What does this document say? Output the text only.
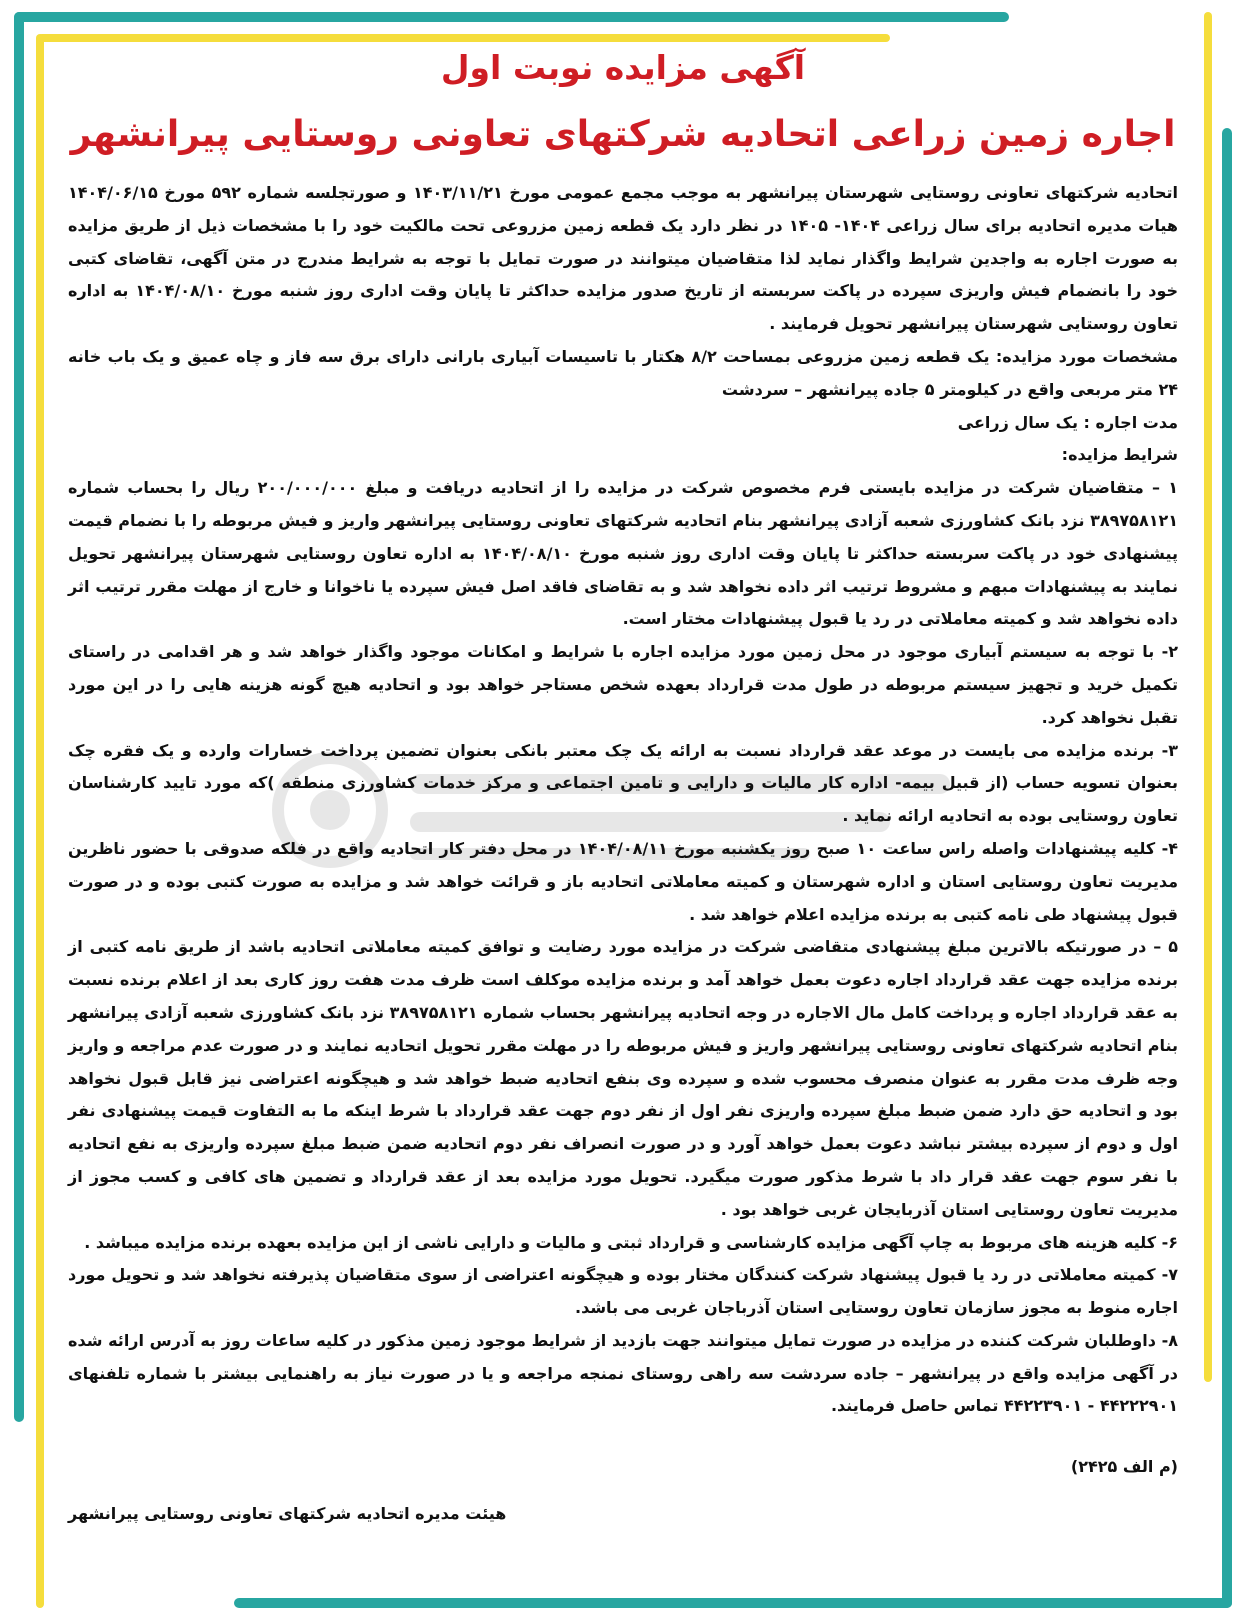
آگهی مزایده نوبت اول
اجاره زمین زراعی اتحادیه شرکتهای تعاونی روستایی پیرانشهر

اتحادیه شرکتهای تعاونی روستایی شهرستان پیرانشهر به موجب مجمع عمومی مورخ ۱۴۰۳/۱۱/۲۱ و صورتجلسه شماره ۵۹۲ مورخ ۱۴۰۴/۰۶/۱۵ هیات مدیره اتحادیه برای سال زراعی ۱۴۰۴- ۱۴۰۵ در نظر دارد یک قطعه زمین مزروعی تحت مالکیت خود را با مشخصات ذیل از طریق مزایده به صورت اجاره به واجدین شرایط واگذار نماید لذا متقاضیان میتوانند در صورت تمایل با توجه به شرایط مندرج در متن آگهی، تقاضای کتبی خود را بانضمام فیش واریزی سپرده در پاکت سربسته از تاریخ صدور مزایده حداکثر تا پایان وقت اداری روز شنبه مورخ ۱۴۰۴/۰۸/۱۰ به اداره تعاون روستایی شهرستان پیرانشهر تحویل فرمایند .

مشخصات مورد مزایده: یک قطعه زمین مزروعی بمساحت ۸/۲ هکتار با تاسیسات آبیاری بارانی دارای برق سه فاز و چاه عمیق و یک باب خانه ۲۴ متر مربعی واقع در کیلومتر ۵ جاده پیرانشهر – سردشت

مدت اجاره : یک سال زراعی

شرایط مزایده:

۱ – متقاضیان شرکت در مزایده بایستی فرم مخصوص شرکت در مزایده را از اتحادیه دریافت و مبلغ ۲۰۰/۰۰۰/۰۰۰ ریال را بحساب شماره ۳۸۹۷۵۸۱۲۱ نزد بانک کشاورزی شعبه آزادی پیرانشهر بنام اتحادیه شرکتهای تعاونی روستایی پیرانشهر واریز و فیش مربوطه را با نضمام قیمت پیشنهادی خود در پاکت سربسته حداکثر تا پایان وقت اداری روز شنبه مورخ ۱۴۰۴/۰۸/۱۰ به اداره تعاون روستایی شهرستان پیرانشهر تحویل نمایند به پیشنهادات مبهم و مشروط ترتیب اثر داده نخواهد شد و به تقاضای فاقد اصل فیش سپرده یا ناخوانا و خارج از مهلت مقرر ترتیب اثر داده نخواهد شد و کمیته معاملاتی در رد یا قبول پیشنهادات مختار است.

۲- با توجه به سیستم آبیاری موجود در محل زمین مورد مزایده اجاره با شرایط و امکانات موجود واگذار خواهد شد و هر اقدامی در راستای تکمیل خرید و تجهیز سیستم مربوطه در طول مدت قرارداد بعهده شخص مستاجر خواهد بود و اتحادیه هیچ گونه هزینه هایی را در این مورد تقبل نخواهد کرد.

۳- برنده مزایده می بایست در موعد عقد قرارداد نسبت به ارائه یک چک معتبر بانکی بعنوان تضمین پرداخت خسارات وارده و یک فقره چک بعنوان تسویه حساب (از قبیل بیمه- اداره کار مالیات و دارایی و تامین اجتماعی و مرکز خدمات کشاورزی منطقه )که مورد تایید کارشناسان تعاون روستایی بوده به اتحادیه ارائه نماید .

۴- کلیه پیشنهادات واصله راس ساعت ۱۰ صبح روز یکشنبه مورخ ۱۴۰۴/۰۸/۱۱ در محل دفتر کار اتحادیه واقع در فلکه صدوقی با حضور ناظرین مدیریت تعاون روستایی استان و اداره شهرستان و کمیته معاملاتی اتحادیه باز و قرائت خواهد شد و مزایده به صورت کتبی بوده و در صورت قبول پیشنهاد طی نامه کتبی به برنده مزایده اعلام خواهد شد .

۵ – در صورتیکه بالاترین مبلغ پیشنهادی متقاضی شرکت در مزایده مورد رضایت و توافق کمیته معاملاتی اتحادیه باشد از طریق نامه کتبی از برنده مزایده جهت عقد قرارداد اجاره دعوت بعمل خواهد آمد و برنده مزایده موکلف است ظرف مدت هفت روز کاری بعد از اعلام برنده نسبت به عقد قرارداد اجاره و پرداخت کامل مال الاجاره در وجه اتحادیه پیرانشهر بحساب شماره ۳۸۹۷۵۸۱۲۱ نزد بانک کشاورزی شعبه آزادی پیرانشهر بنام اتحادیه شرکتهای تعاونی روستایی پیرانشهر واریز و فیش مربوطه را در مهلت مقرر تحویل اتحادیه نمایند و در صورت عدم مراجعه و واریز وجه ظرف مدت مقرر به عنوان منصرف محسوب شده و سپرده وی بنفع اتحادیه ضبط خواهد شد و هیچگونه اعتراضی نیز قابل قبول نخواهد بود و اتحادیه حق دارد ضمن ضبط مبلغ سپرده واریزی نفر اول از نفر دوم جهت عقد قرارداد با شرط اینکه ما به التفاوت قیمت پیشنهادی نفر اول و دوم از سپرده بیشتر نباشد دعوت بعمل خواهد آورد و در صورت انصراف نفر دوم اتحادیه ضمن ضبط مبلغ سپرده واریزی به نفع اتحادیه با نفر سوم جهت عقد قرار داد با شرط مذکور صورت میگیرد. تحویل مورد مزایده بعد از عقد قرارداد و تضمین های کافی و کسب مجوز از مدیریت تعاون روستایی استان آذربایجان غربی خواهد بود .

۶- کلیه هزینه های مربوط به چاپ آگهی مزایده کارشناسی و قرارداد ثبتی و مالیات و دارایی ناشی از این مزایده بعهده برنده مزایده میباشد .

۷- کمیته معاملاتی در رد یا قبول پیشنهاد شرکت کنندگان مختار بوده و هیچگونه اعتراضی از سوی متقاضیان پذیرفته نخواهد شد و تحویل مورد اجاره منوط به مجوز سازمان تعاون روستایی استان آذرباجان غربی می باشد.

۸- داوطلبان شرکت کننده در مزایده در صورت تمایل میتوانند جهت بازدید از شرایط موجود زمین مذکور در کلیه ساعات روز به آدرس ارائه شده در آگهی مزایده واقع در پیرانشهر – جاده سردشت سه راهی روستای نمنجه مراجعه و یا در صورت نیاز به راهنمایی بیشتر با شماره تلفنهای ۴۴۲۲۲۹۰۱ - ۴۴۲۲۳۹۰۱ تماس حاصل فرمایند.

(م الف ۲۴۲۵)
هیئت مدیره اتحادیه شرکتهای تعاونی روستایی پیرانشهر
